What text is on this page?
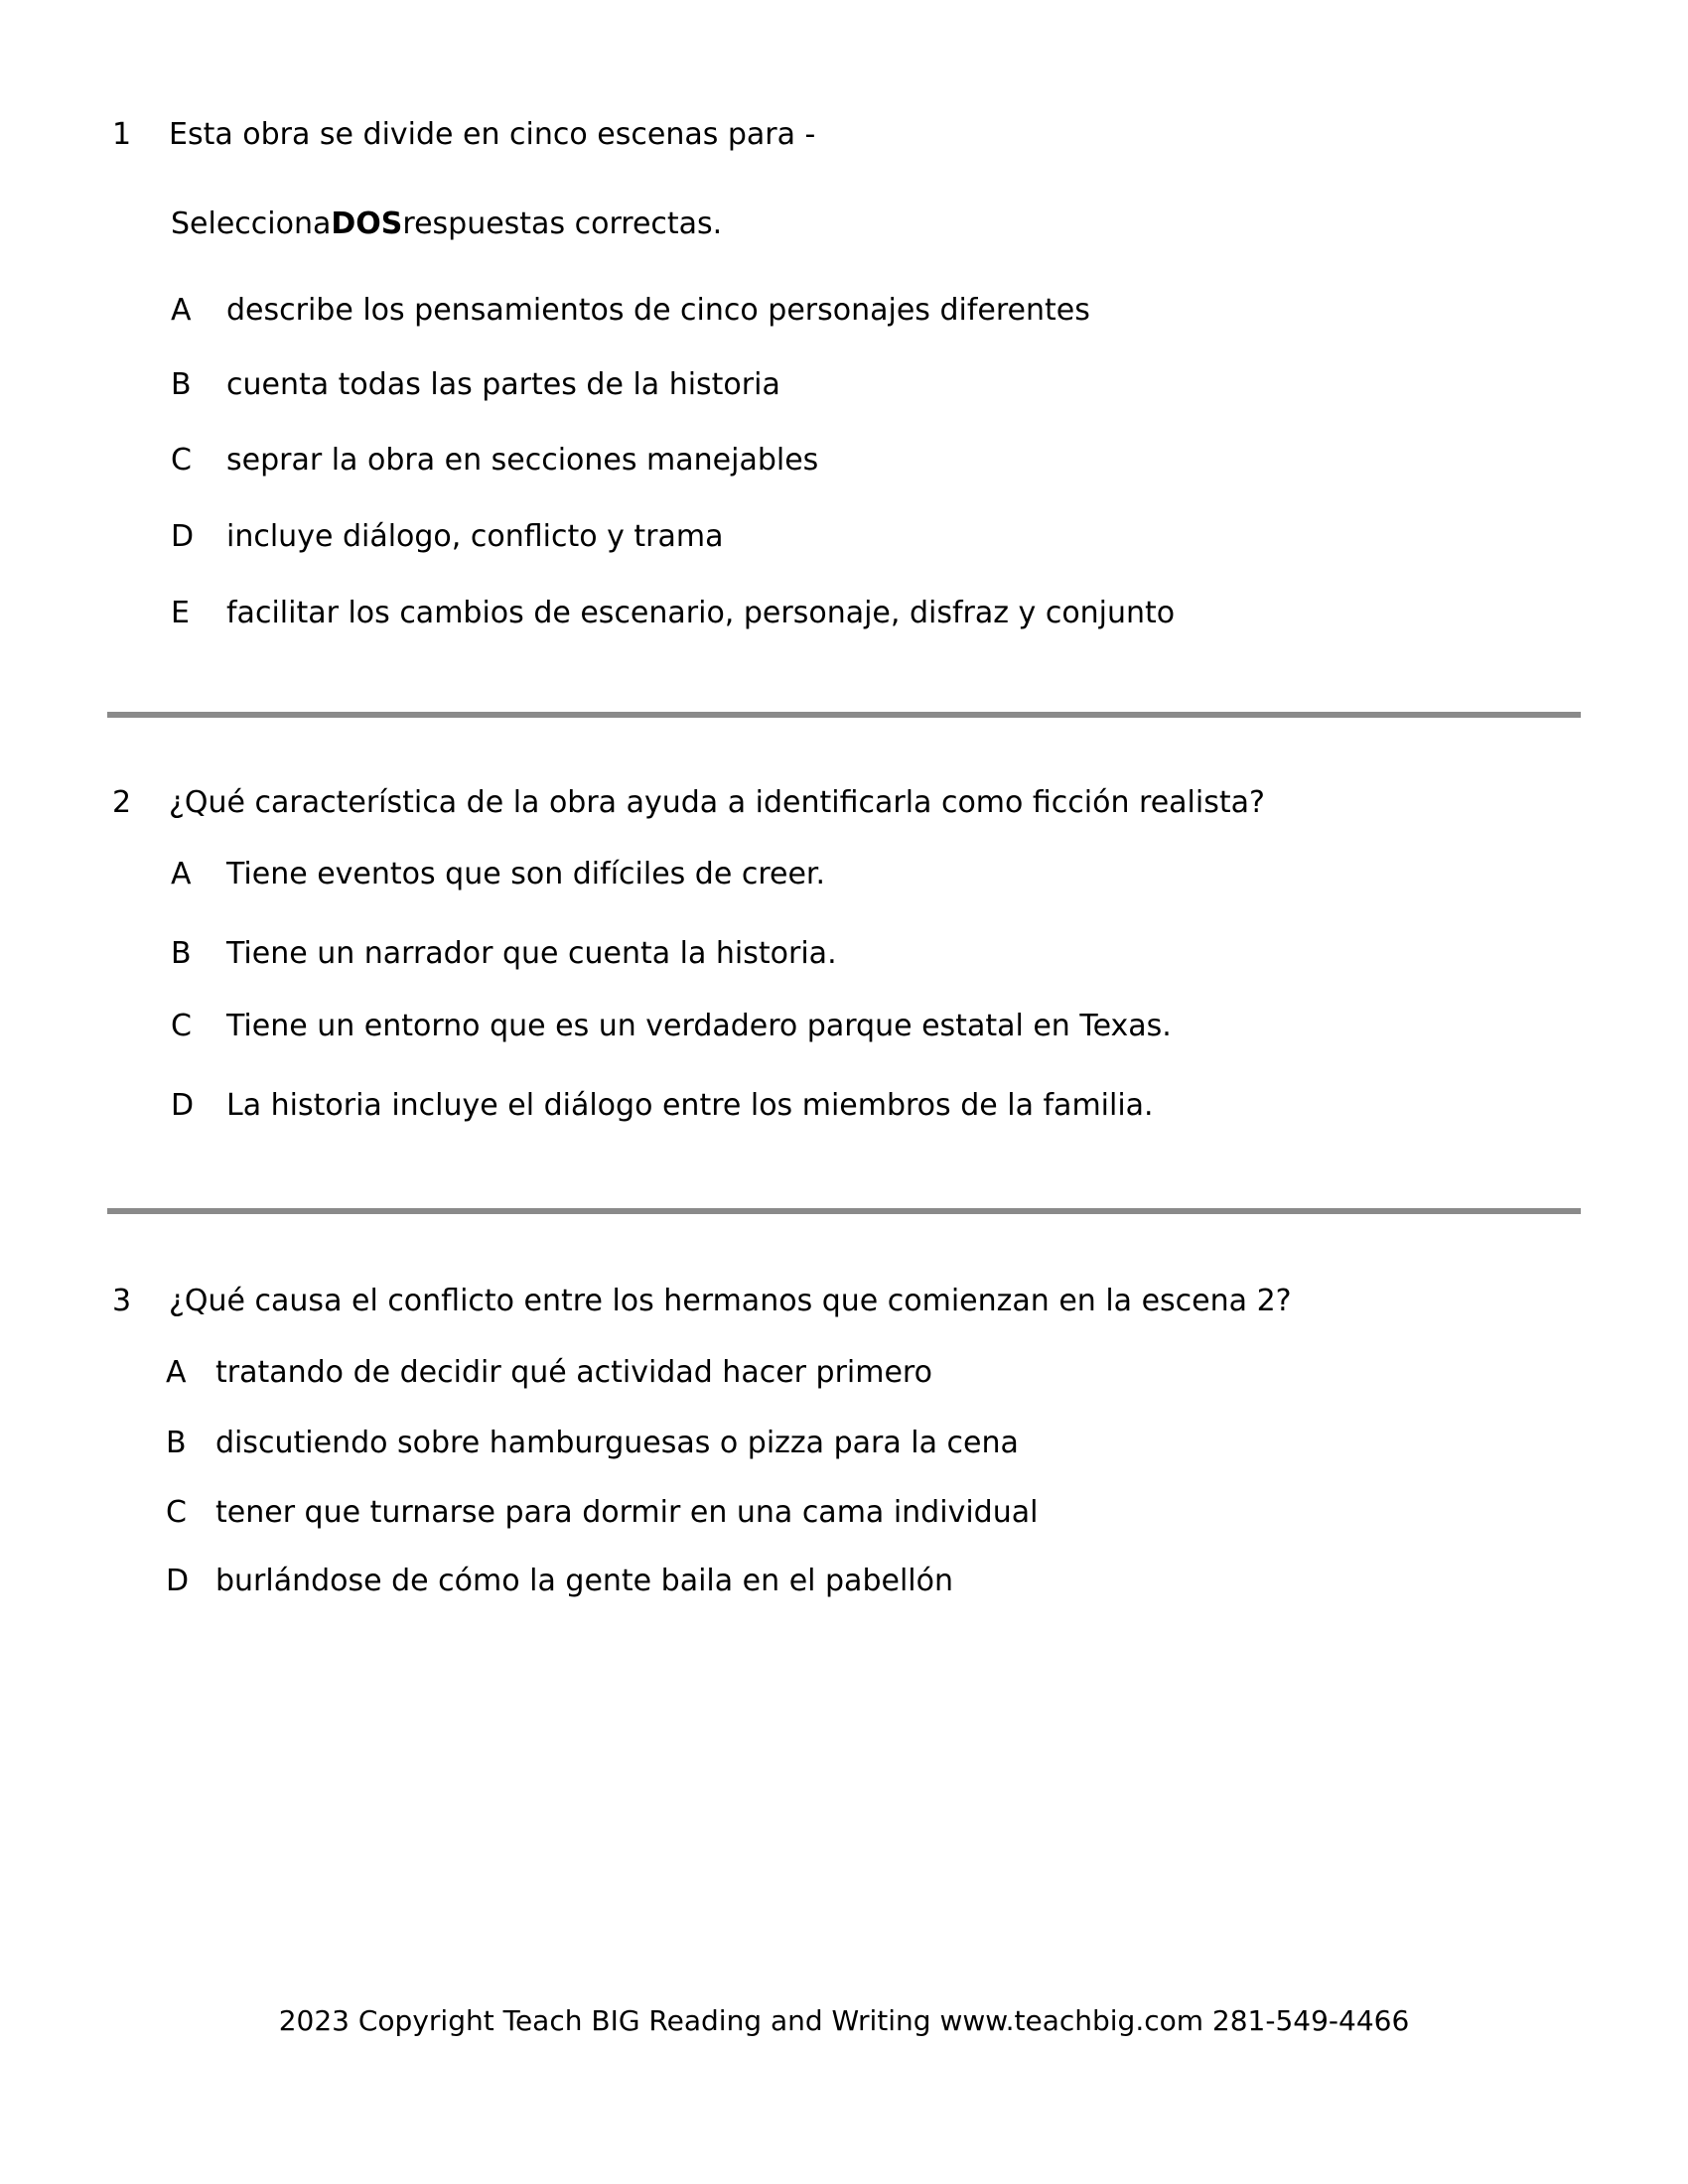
1	Esta obra se divide en cinco escenas para -
Selecciona DOS respuestas correctas.
A	describe los pensamientos de cinco personajes diferentes
B	cuenta todas las partes de la historia
C	seprar la obra en secciones manejables
D	incluye diálogo, conflicto y trama
E	facilitar los cambios de escenario, personaje, disfraz y conjunto
2	¿Qué característica de la obra ayuda a identificarla como ficción realista?
A	Tiene eventos que son difíciles de creer.
B	Tiene un narrador que cuenta la historia.
C	Tiene un entorno que es un verdadero parque estatal en Texas.
D	La historia incluye el diálogo entre los miembros de la familia.
3	¿Qué causa el conflicto entre los hermanos que comienzan en la escena 2?
A tratando de decidir qué actividad hacer primero
B discutiendo sobre hamburguesas o pizza para la cena
C tener que turnarse para dormir en una cama individual
D burlándose de cómo la gente baila en el pabellón
2023 Copyright Teach BIG Reading and Writing www.teachbig.com 281-549-4466
